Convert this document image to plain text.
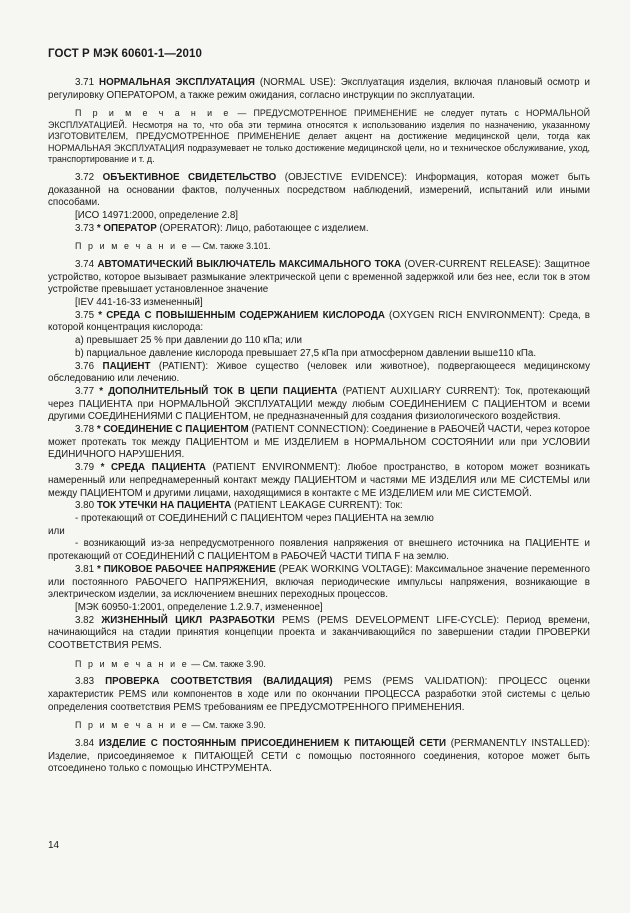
ГОСТ Р МЭК 60601-1—2010

3.71 НОРМАЛЬНАЯ ЭКСПЛУАТАЦИЯ (NORMAL USE): Эксплуатация изделия, включая плановый осмотр и регулировку ОПЕРАТОРОМ, а также режим ожидания, согласно инструкции по эксплуатации.

П р и м е ч а н и е — ПРЕДУСМОТРЕННОЕ ПРИМЕНЕНИЕ не следует путать с НОРМАЛЬНОЙ ЭКСПЛУАТАЦИЕЙ. Несмотря на то, что оба эти термина относятся к использованию изделия по назначению, указанному ИЗГОТОВИТЕЛЕМ, ПРЕДУСМОТРЕННОЕ ПРИМЕНЕНИЕ делает акцент на достижение медицинской цели, тогда как НОРМАЛЬНАЯ ЭКСПЛУАТАЦИЯ подразумевает не только достижение медицинской цели, но и техническое обслуживание, уход, транспортирование и т. д.

3.72 ОБЪЕКТИВНОЕ СВИДЕТЕЛЬСТВО (OBJECTIVE EVIDENCE): Информация, которая может быть доказанной на основании фактов, полученных посредством наблюдений, измерений, испытаний или иными способами.

[ИСО 14971:2000, определение 2.8]

3.73 * ОПЕРАТОР (OPERATOR): Лицо, работающее с изделием.

П р и м е ч а н и е — См. также 3.101.

3.74 АВТОМАТИЧЕСКИЙ ВЫКЛЮЧАТЕЛЬ МАКСИМАЛЬНОГО ТОКА (OVER-CURRENT RELEASE): Защитное устройство, которое вызывает размыкание электрической цепи с временной задержкой или без нее, если ток в этом устройстве превышает установленное значение

[IEV 441-16-33 измененный]

3.75 * СРЕДА С ПОВЫШЕННЫМ СОДЕРЖАНИЕМ КИСЛОРОДА (OXYGEN RICH ENVIRONMENT): Среда, в которой концентрация кислорода:

а) превышает 25 % при давлении до 110 кПа; или

b) парциальное давление кислорода превышает 27,5 кПа при атмосферном давлении выше110 кПа.

3.76 ПАЦИЕНТ (PATIENT): Живое существо (человек или животное), подвергающееся медицинскому обследованию или лечению.

3.77 * ДОПОЛНИТЕЛЬНЫЙ ТОК В ЦЕПИ ПАЦИЕНТА (PATIENT AUXILIARY CURRENT): Ток, протекающий через ПАЦИЕНТА при НОРМАЛЬНОЙ ЭКСПЛУАТАЦИИ между любым СОЕДИНЕНИЕМ С ПАЦИЕНТОМ и всеми другими СОЕДИНЕНИЯМИ С ПАЦИЕНТОМ, не предназначенный для создания физиологического воздействия.

3.78 * СОЕДИНЕНИЕ С ПАЦИЕНТОМ (PATIENT CONNECTION): Соединение в РАБОЧЕЙ ЧАСТИ, через которое может протекать ток между ПАЦИЕНТОМ и МЕ ИЗДЕЛИЕМ в НОРМАЛЬНОМ СОСТОЯНИИ или при УСЛОВИИ ЕДИНИЧНОГО НАРУШЕНИЯ.

3.79 * СРЕДА ПАЦИЕНТА (PATIENT ENVIRONMENT): Любое пространство, в котором может возникать намеренный или непреднамеренный контакт между ПАЦИЕНТОМ и частями МЕ ИЗДЕЛИЯ или МЕ СИСТЕМЫ или между ПАЦИЕНТОМ и другими лицами, находящимися в контакте с МЕ ИЗДЕЛИЕМ или МЕ СИСТЕМОЙ.

3.80 ТОК УТЕЧКИ НА ПАЦИЕНТА (PATIENT LEAKAGE CURRENT): Ток:

- протекающий от СОЕДИНЕНИЙ С ПАЦИЕНТОМ через ПАЦИЕНТА на землю

или

- возникающий из-за непредусмотренного появления напряжения от внешнего источника на ПАЦИЕНТЕ и протекающий от СОЕДИНЕНИЙ С ПАЦИЕНТОМ в РАБОЧЕЙ ЧАСТИ ТИПА F на землю.

3.81 * ПИКОВОЕ РАБОЧЕЕ НАПРЯЖЕНИЕ (PEAK WORKING VOLTAGE): Максимальное значение переменного или постоянного РАБОЧЕГО НАПРЯЖЕНИЯ, включая периодические импульсы напряжения, возникающие в электрическом изделии, за исключением внешних переходных процессов.

[МЭК 60950-1:2001, определение 1.2.9.7, измененное]

3.82 ЖИЗНЕННЫЙ ЦИКЛ РАЗРАБОТКИ PEMS (PEMS DEVELOPMENT LIFE-CYCLE): Период времени, начинающийся на стадии принятия концепции проекта и заканчивающийся по завершении стадии ПРОВЕРКИ СООТВЕТСТВИЯ PEMS.

П р и м е ч а н и е — См. также 3.90.

3.83 ПРОВЕРКА СООТВЕТСТВИЯ (ВАЛИДАЦИЯ) PEMS (PEMS VALIDATION): ПРОЦЕСС оценки характеристик PEMS или компонентов в ходе или по окончании ПРОЦЕССА разработки этой системы с целью определения соответствия PEMS требованиям ее ПРЕДУСМОТРЕННОГО ПРИМЕНЕНИЯ.

П р и м е ч а н и е — См. также 3.90.

3.84 ИЗДЕЛИЕ С ПОСТОЯННЫМ ПРИСОЕДИНЕНИЕМ К ПИТАЮЩЕЙ СЕТИ (PERMANENTLY INSTALLED): Изделие, присоединяемое к ПИТАЮЩЕЙ СЕТИ с помощью постоянного соединения, которое может быть отсоединено только с помощью ИНСТРУМЕНТА.

14
